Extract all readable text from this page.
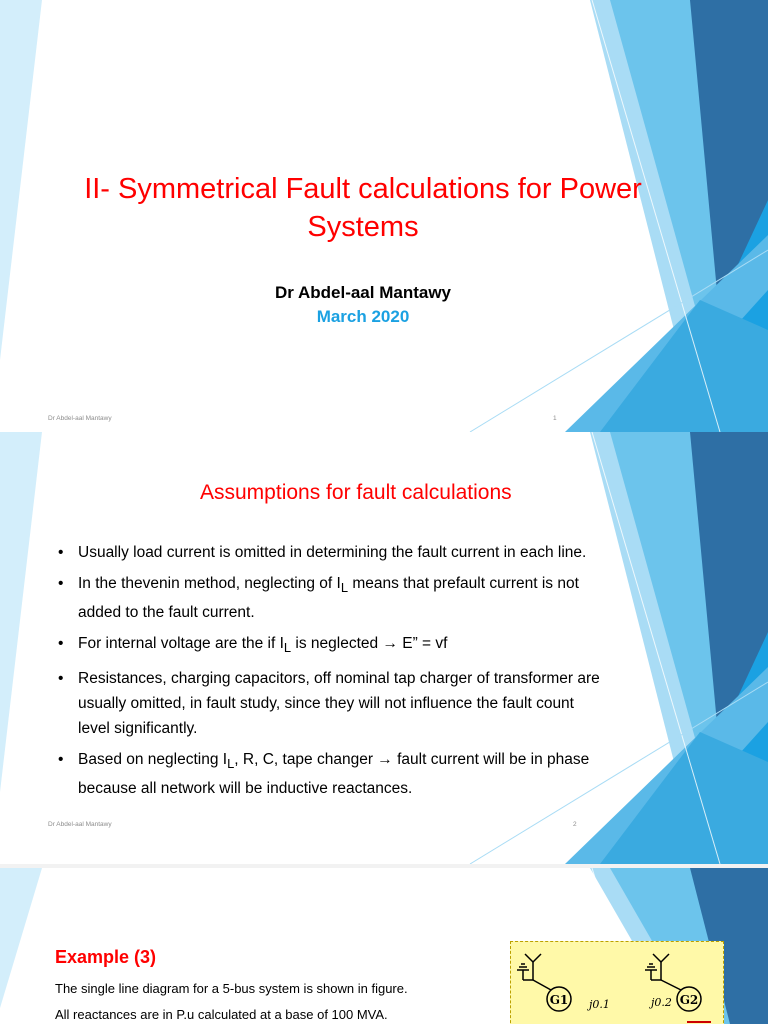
II- Symmetrical Fault calculations for Power Systems
Dr Abdel-aal Mantawy
March 2020
Dr Abdel-aal Mantawy	1
Assumptions for fault calculations
• Usually load current is omitted in determining the fault current in each line.
• In the thevenin method, neglecting of $I_L$ means that prefault current is not added to the fault current.
• For internal voltage are the if $I_L$ is neglected → E” = vf
• Resistances, charging capacitors, off nominal tap charger of transformer are usually omitted, in fault study, since they will not influence the fault count level significantly.
• Based on neglecting $I_L$, R, C, tape changer → fault current will be in phase because all network will be inductive reactances.
Dr Abdel-aal Mantawy	2
Example (3)
The single line diagram for a 5-bus system is shown in figure.
All reactances are in P.u calculated at a base of 100 MVA.
G1	G2
j0.1	j0.2
